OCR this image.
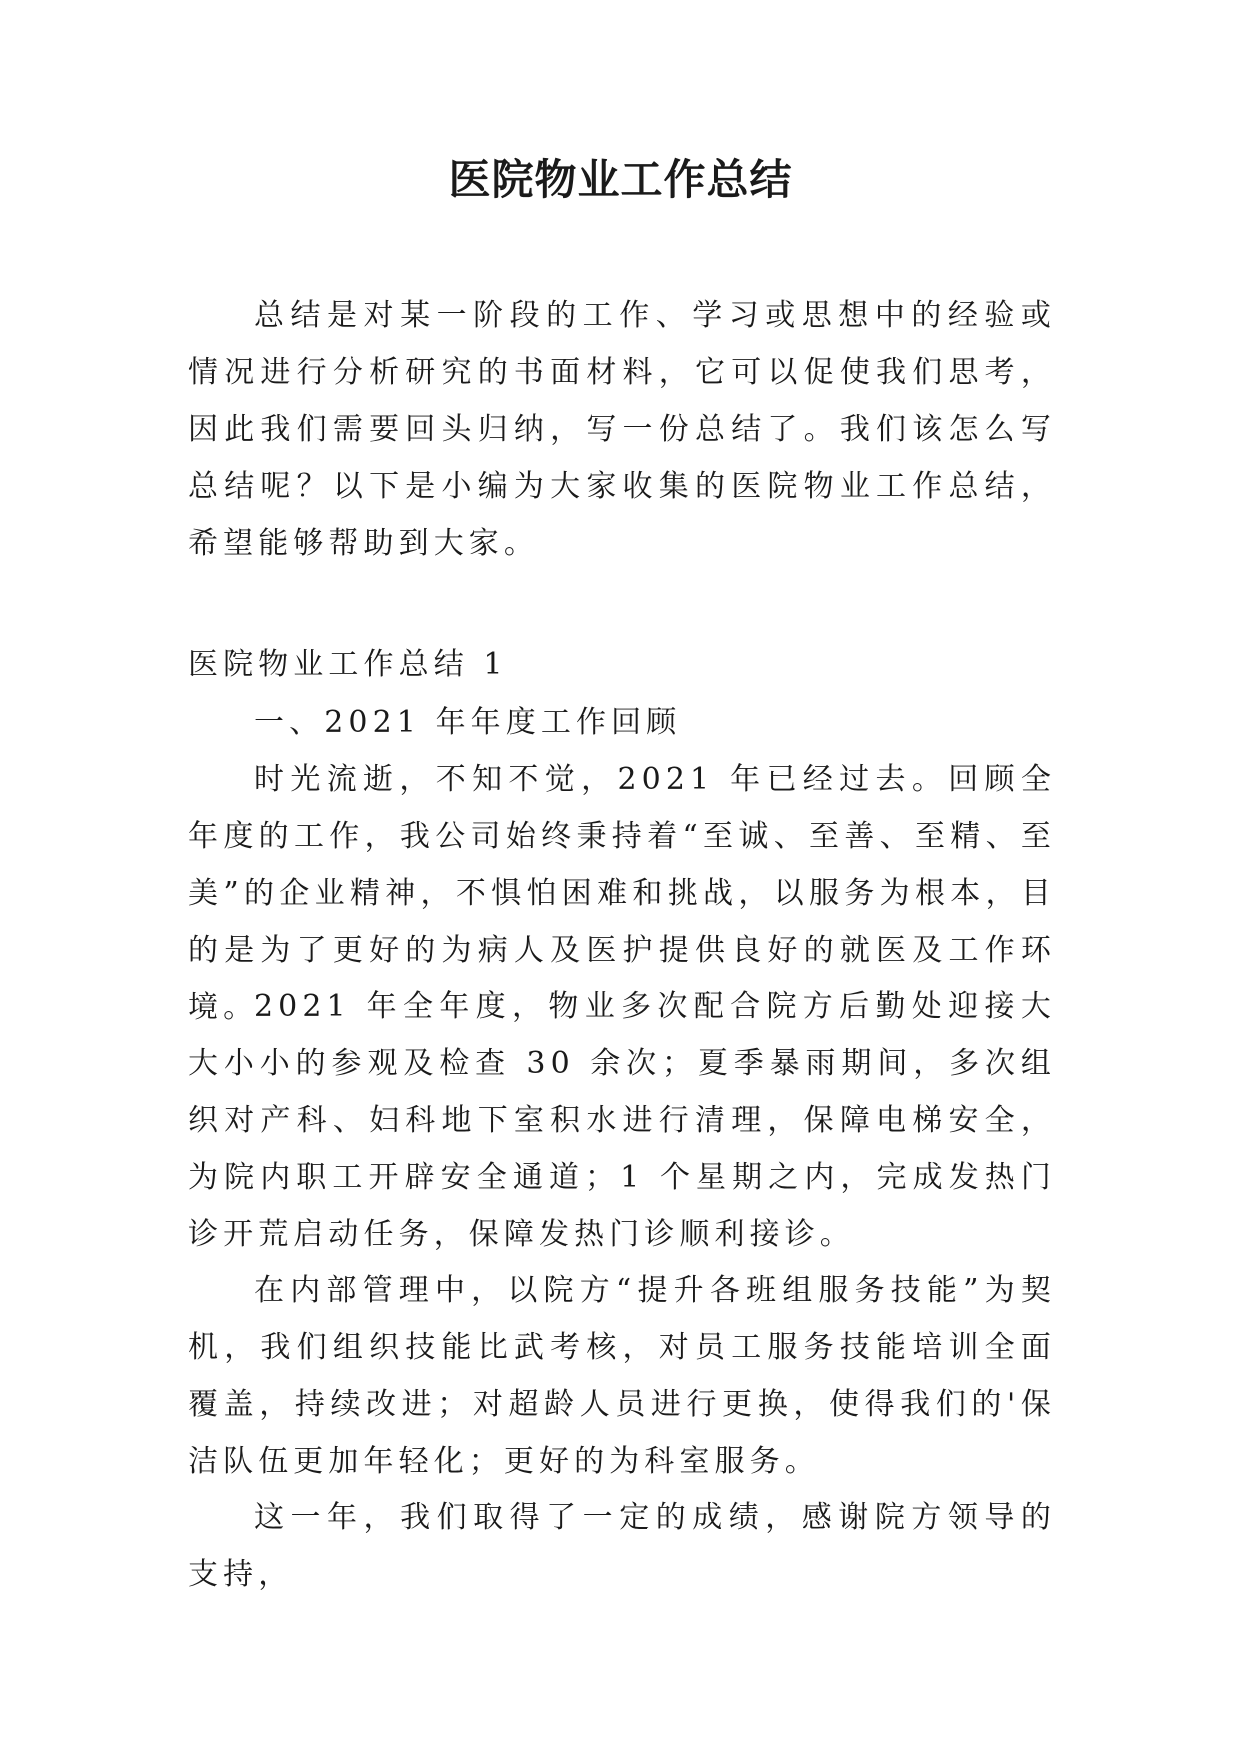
医院物业工作总结

总结是对某一阶段的工作、学习或思想中的经验或情况进行分析研究的书面材料，它可以促使我们思考，因此我们需要回头归纳，写一份总结了。我们该怎么写总结呢？以下是小编为大家收集的医院物业工作总结，希望能够帮助到大家。

医院物业工作总结 1

一、2021 年年度工作回顾

时光流逝，不知不觉，2021 年已经过去。回顾全年度的工作，我公司始终秉持着“至诚、至善、至精、至美”的企业精神，不惧怕困难和挑战，以服务为根本，目的是为了更好的为病人及医护提供良好的就医及工作环境。

2021 年全年度，物业多次配合院方后勤处迎接大大小小的参观及检查 30 余次；夏季暴雨期间，多次组织对产科、妇科地下室积水进行清理，保障电梯安全，为院内职工开辟安全通道；1 个星期之内，完成发热门诊开荒启动任务，保障发热门诊顺利接诊。

在内部管理中，以院方“提升各班组服务技能”为契机，我们组织技能比武考核，对员工服务技能培训全面覆盖，持续改进；对超龄人员进行更换，使得我们的'保洁队伍更加年轻化；更好的为科室服务。

这一年，我们取得了一定的成绩，感谢院方领导的支持，
